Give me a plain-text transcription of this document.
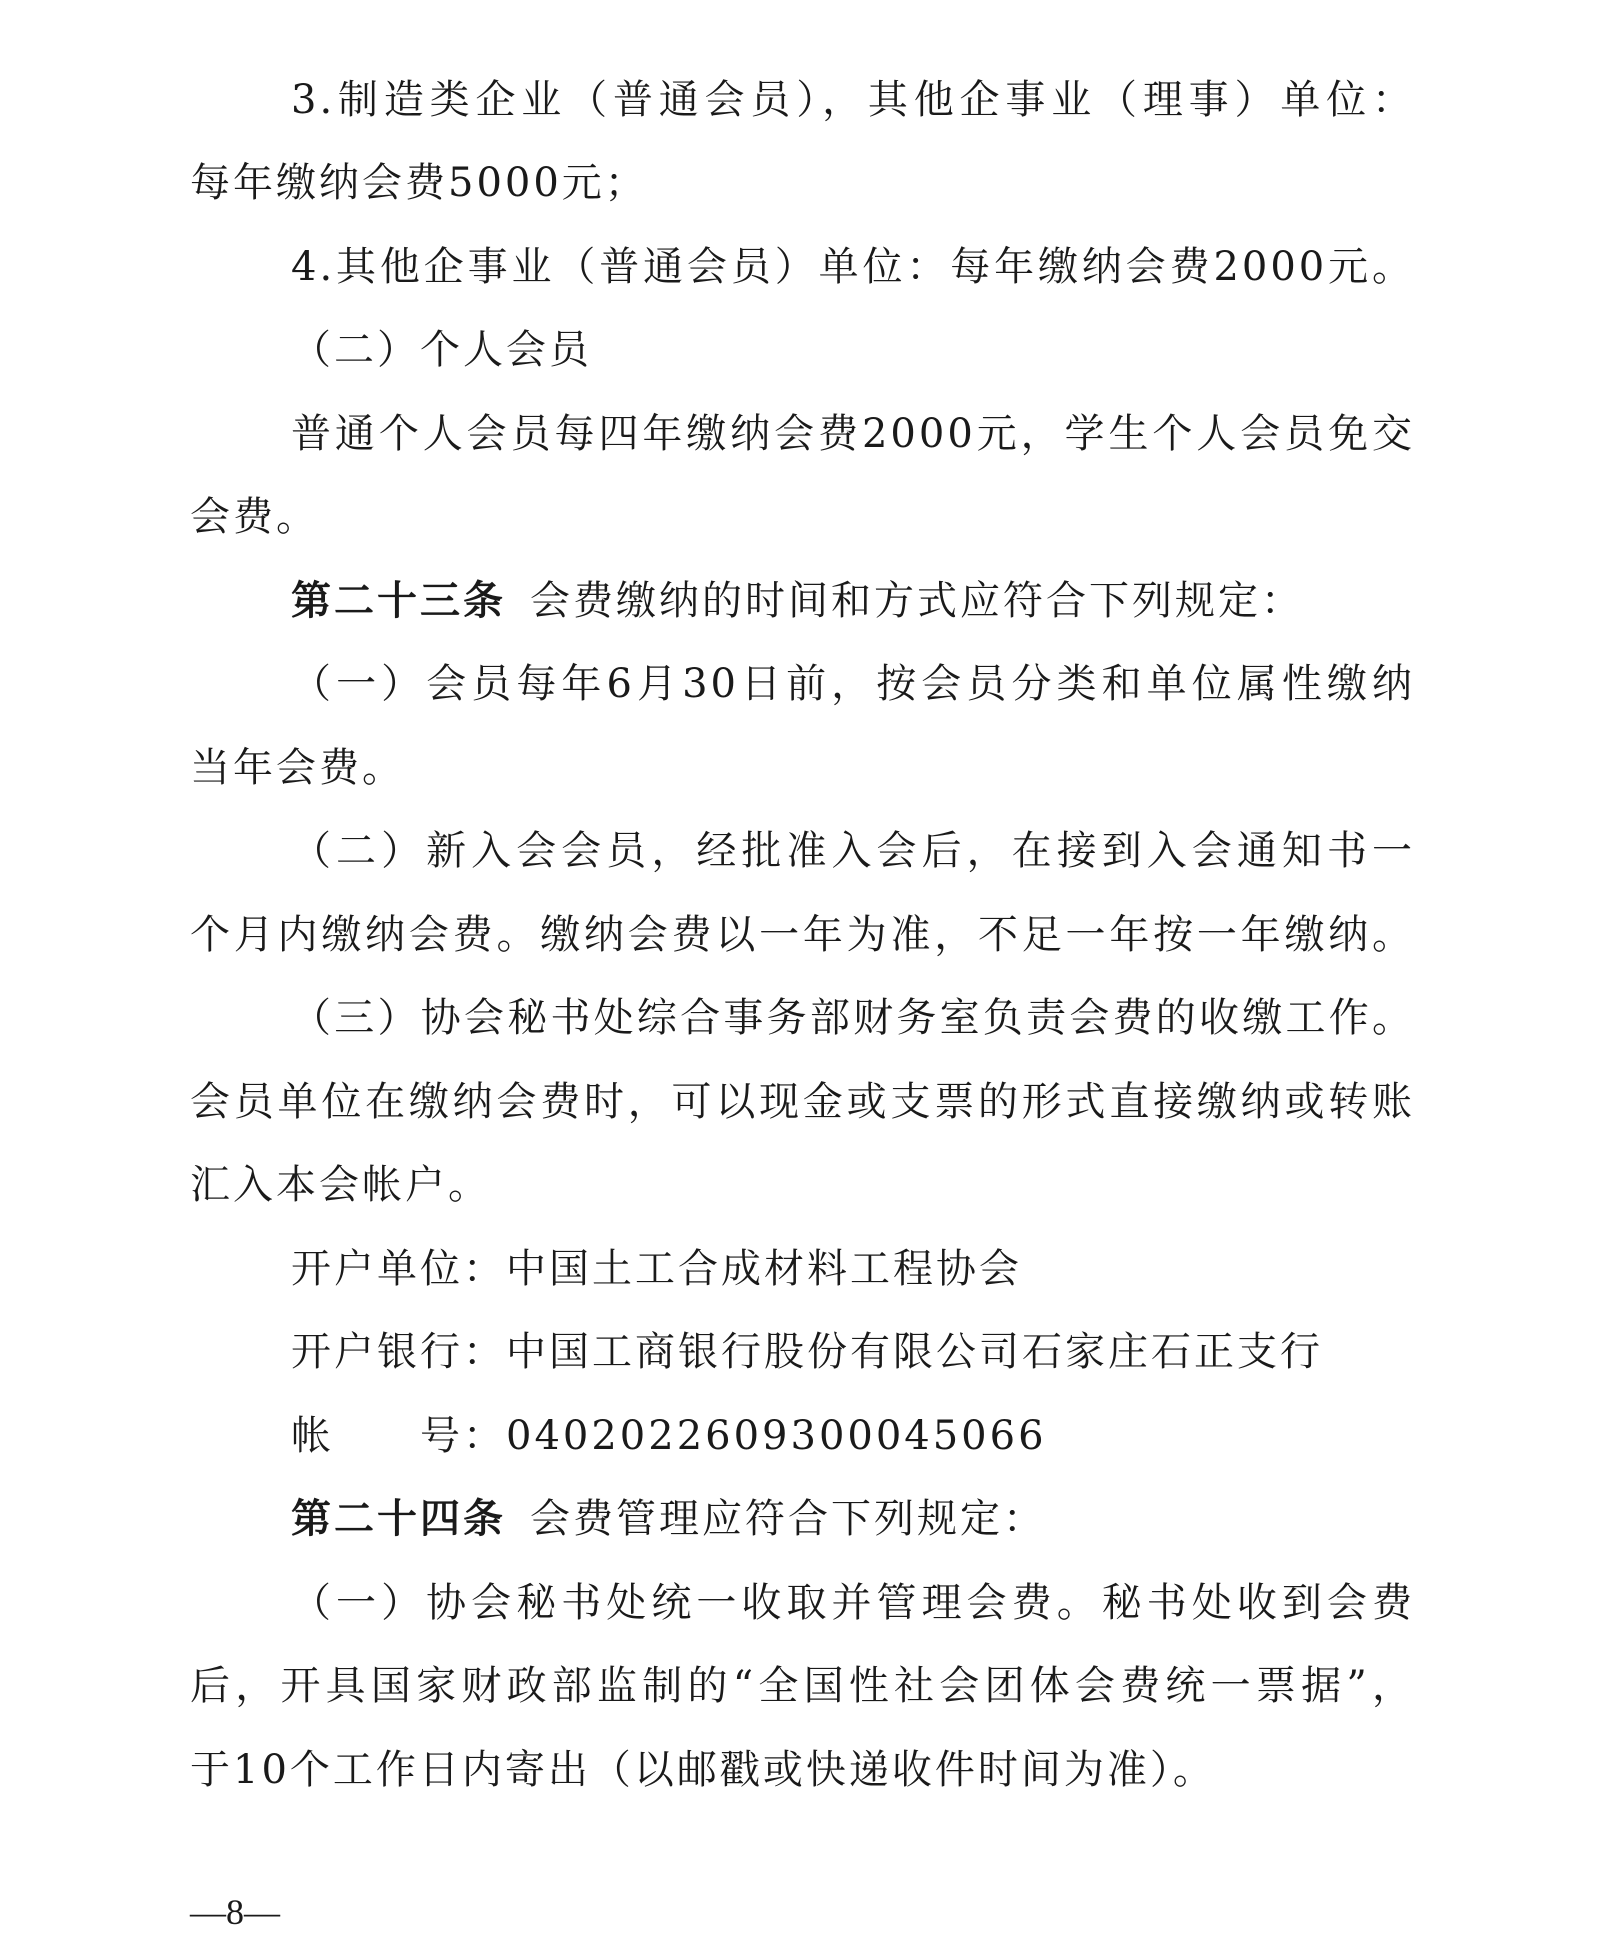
3.制造类企业（普通会员），其他企事业（理事）单位：
每年缴纳会费5000元；
4.其他企事业（普通会员）单位：每年缴纳会费2000元。
（二）个人会员
普通个人会员每四年缴纳会费2000元，学生个人会员免交
会费。
第二十三条 会费缴纳的时间和方式应符合下列规定：
（一）会员每年6月30日前，按会员分类和单位属性缴纳
当年会费。
（二）新入会会员，经批准入会后，在接到入会通知书一
个月内缴纳会费。缴纳会费以一年为准，不足一年按一年缴纳。
（三）协会秘书处综合事务部财务室负责会费的收缴工作。
会员单位在缴纳会费时，可以现金或支票的形式直接缴纳或转账
汇入本会帐户。
开户单位：中国土工合成材料工程协会
开户银行：中国工商银行股份有限公司石家庄石正支行
帐　　号：0402022609300045066
第二十四条 会费管理应符合下列规定：
（一）协会秘书处统一收取并管理会费。秘书处收到会费
后，开具国家财政部监制的“全国性社会团体会费统一票据”，
于10个工作日内寄出（以邮戳或快递收件时间为准）。
—8—
